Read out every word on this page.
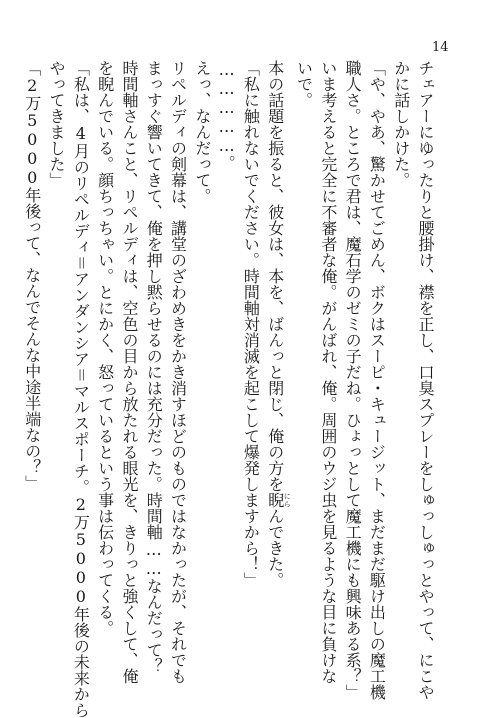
14
チェアーにゆったりと腰掛け、襟を正し、口臭スプレーをしゅっしゅっとやって、にこや
かに話しかけた。
「や、やあ、驚かせてごめん、ボクはスーピ・キュージット、まだまだ駆け出しの魔工機
職人さ。ところで君は、魔石学のゼミの子だね。ひょっとして魔工機にも興味ある系？」
いま考えると完全に不審者な俺。がんばれ、俺。周囲のウジ虫を見るような目に負けな
いで。
本の話題を振ると、彼女は、本を、ばんっと閉じ、俺の方を睨にらんできた。
「私に触れないでください。時間軸対消滅を起こして爆発しますから！」
……………。
えっ、なんだって。
リペルディの剣幕は、講堂のざわめきをかき消すほどのものではなかったが、それでも
まっすぐ響いてきて、俺を押し黙らせるのには充分だった。時間軸……なんだって？
時間軸さんこと、リペルディは、空色の目から放たれる眼光を、きりっと強くして、俺
を睨んでいる。顔ちっちゃい。とにかく、怒っているという事は伝わってくる。
「私は、4月のリペルディ＝アンダンシア＝マルスポーチ。2万5000年後の未来から
やってきました」
「2万5000年後って、なんでそんな中途半端なの？」
